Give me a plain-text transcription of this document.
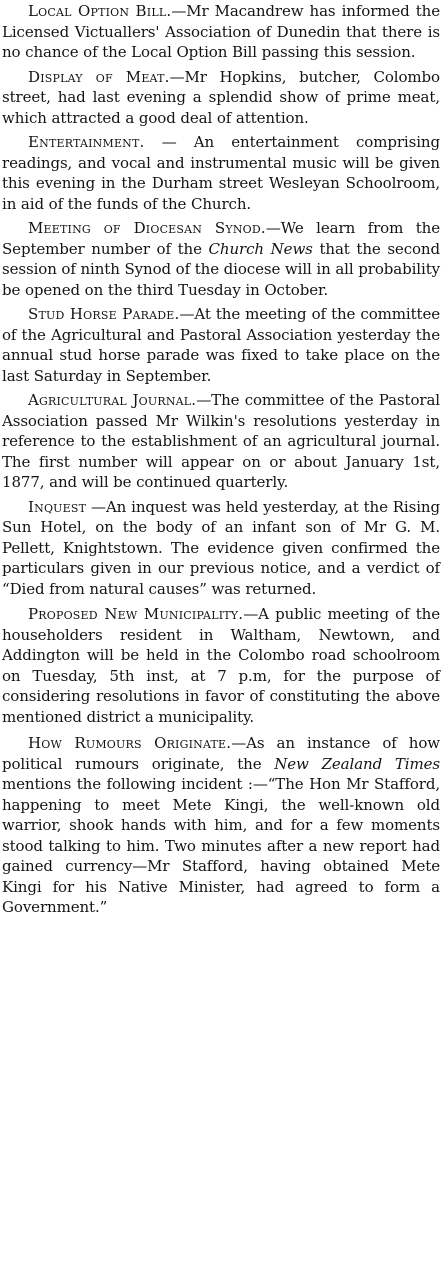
Local Option Bill.—Mr Macandrew has informed the Licensed Victuallers' Association of Dunedin that there is no chance of the Local Option Bill passing this session.

Display of Meat.—Mr Hopkins, butcher, Colombo street, had last evening a splendid show of prime meat, which attracted a good deal of attention.

Entertainment. — An entertainment comprising readings, and vocal and instrumental music will be given this evening in the Durham street Wesleyan Schoolroom, in aid of the funds of the Church.

Meeting of Diocesan Synod.—We learn from the September number of the Church News that the second session of ninth Synod of the diocese will in all probability be opened on the third Tuesday in October.

Stud Horse Parade.—At the meeting of the committee of the Agricultural and Pastoral Association yesterday the annual stud horse parade was fixed to take place on the last Saturday in September.

Agricultural Journal.—The committee of the Pastoral Association passed Mr Wilkin's resolutions yesterday in reference to the establishment of an agricultural journal. The first number will appear on or about January 1st, 1877, and will be continued quarterly.

Inquest —An inquest was held yesterday, at the Rising Sun Hotel, on the body of an infant son of Mr G. M. Pellett, Knightstown. The evidence given confirmed the particulars given in our previous notice, and a verdict of “Died from natural causes” was returned.

Proposed New Municipality.—A public meeting of the householders resident in Waltham, Newtown, and Addington will be held in the Colombo road schoolroom on Tuesday, 5th inst, at 7 p.m, for the purpose of considering resolutions in favor of constituting the above mentioned district a municipality.

How Rumours Originate.—As an instance of how political rumours originate, the New Zealand Times mentions the following incident :—“The Hon Mr Stafford, happening to meet Mete Kingi, the well-known old warrior, shook hands with him, and for a few moments stood talking to him. Two minutes after a new report had gained currency—Mr Stafford, having obtained Mete Kingi for his Native Minister, had agreed to form a Government.”
